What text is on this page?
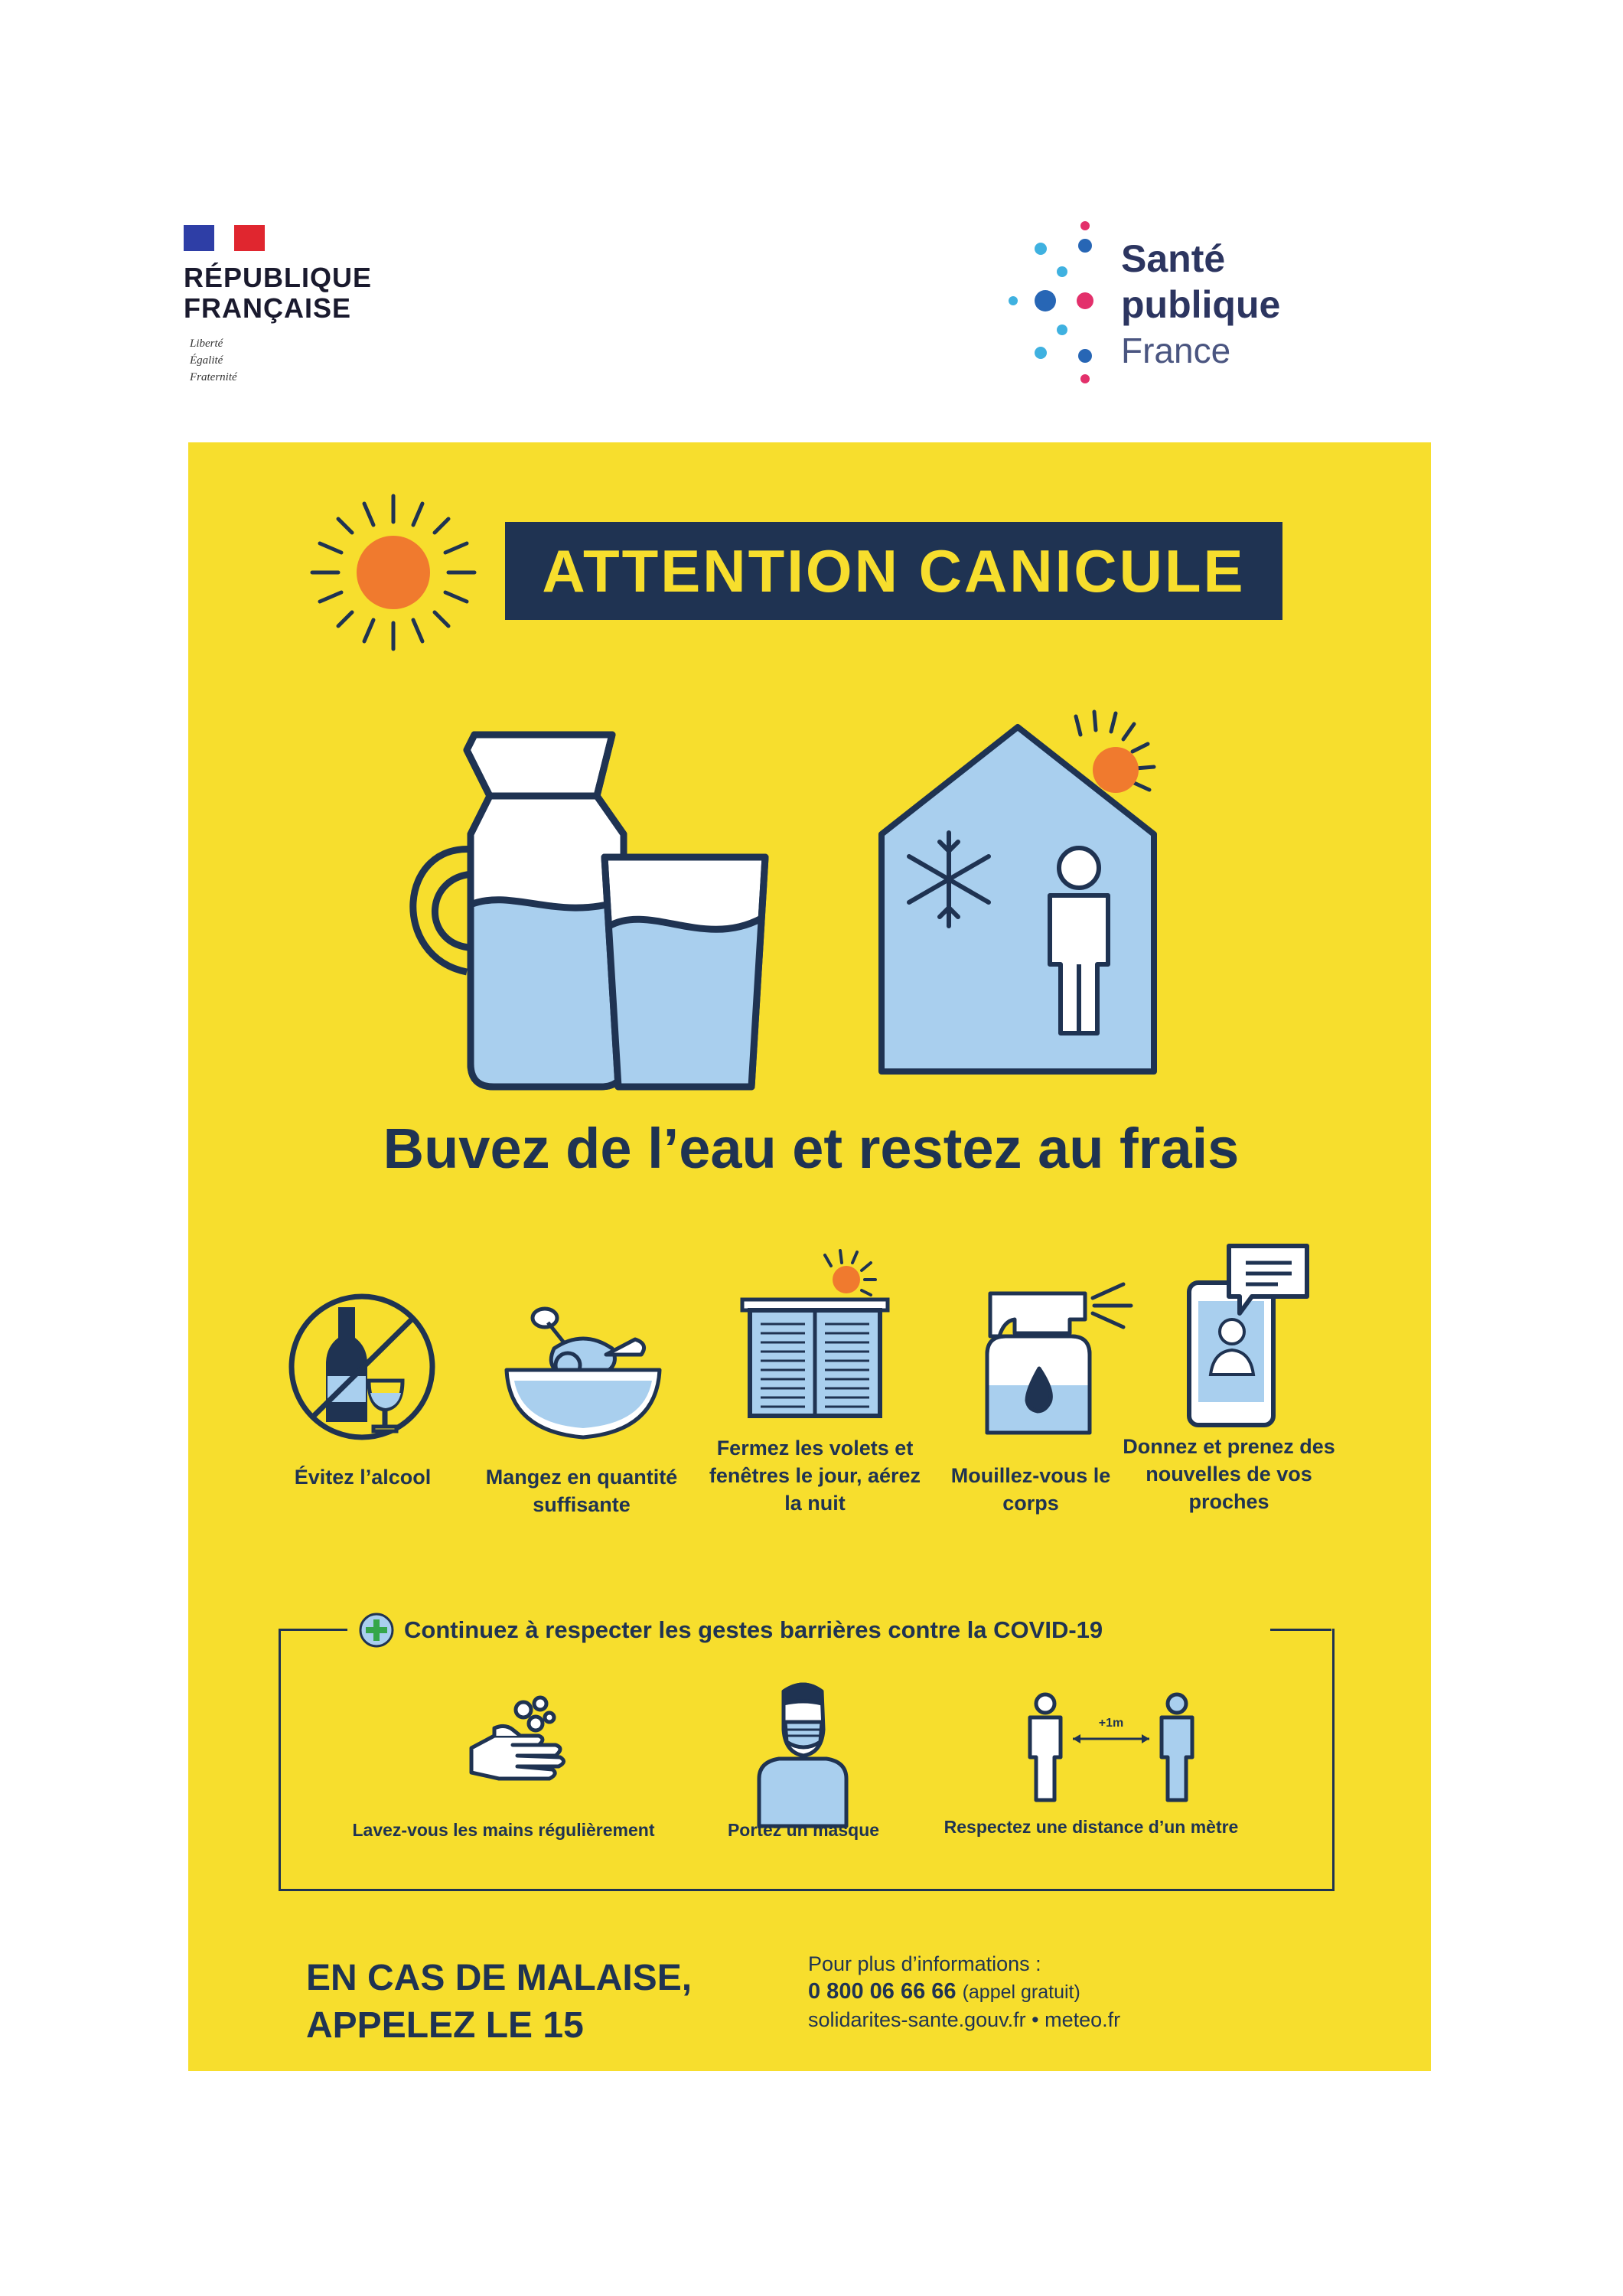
RÉPUBLIQUE
FRANÇAISE
Liberté
Égalité
Fraternité
Santé
publique
France
ATTENTION CANICULE
Buvez de l’eau et restez au frais
Évitez l’alcool	Mangez en quantité suffisante
Fermez les volets et fenêtres le jour, aérez la nuit
Mouillez-vous le corps
Donnez et prenez des nouvelles de vos proches
Continuez à respecter les gestes barrières contre la COVID-19
+1m
Lavez-vous les mains régulièrement	Portez un masque	Respectez une distance d’un mètre
EN CAS DE MALAISE,
APPELEZ LE 15
Pour plus d’informations :
0 800 06 66 66 (appel gratuit)
solidarites-sante.gouv.fr • meteo.fr
